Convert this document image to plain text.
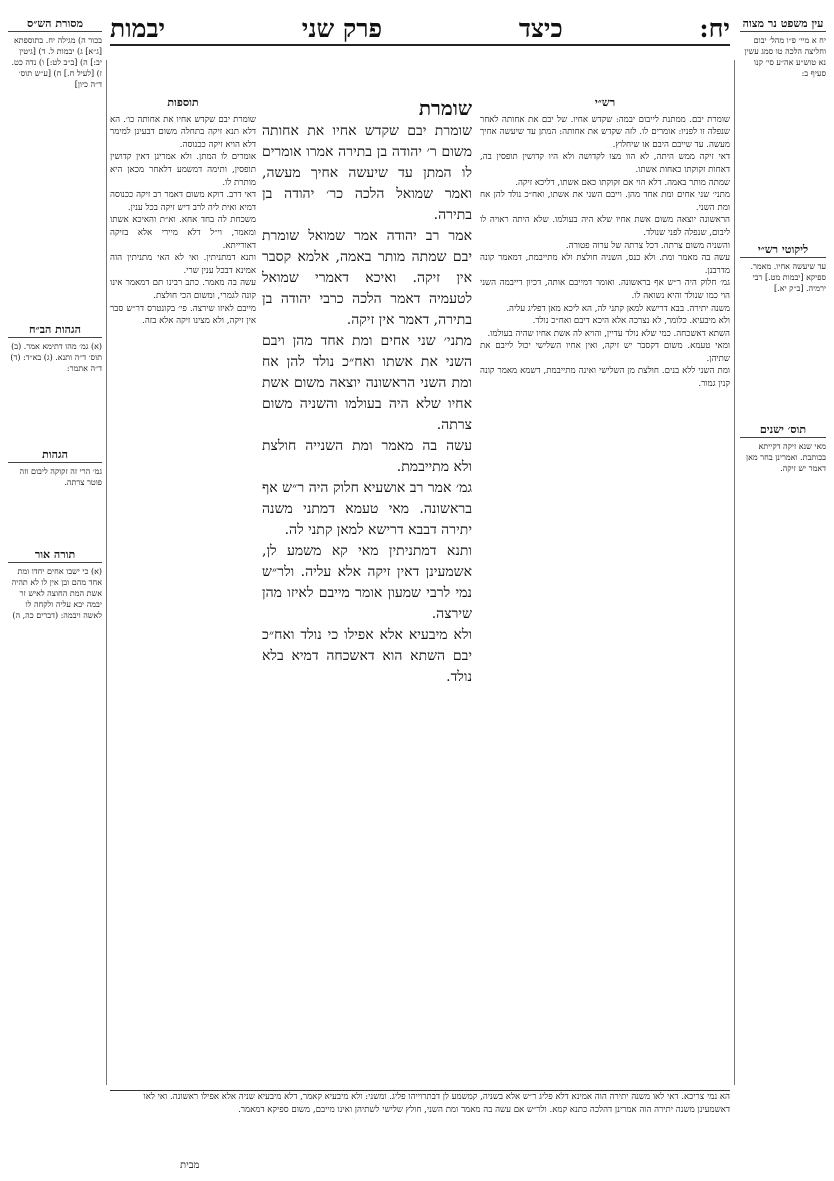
יח:
כיצד
פרק שני
יבמות	עין משפט נר מצוה
יח א מיי׳ פ״ו מהל׳ יבום וחליצה הלכה טו סמג עשין נא טוש״ע אה״ע סי׳ קנו סעיף ב:
ליקוטי רש״י
עד שיעשה אחיו. מאמר. ספיקא [יבמות מט.] רבי ירמיה. [ב״ק יא.]
תוס׳ ישנים
מאי שנא זיקה דקייתא בכותבת. ואמרינן בחר מאן דאמר יש זיקה.
מסורת הש״ס
בכור ה) מגילה יח. בתוספתא [ג״א] ג) יבמות ל. ד) [גיטין יב:] ה) [ב״ב לט:] ו) נדה כט. ז) [לעיל ח.] ח) [ע״ש תוס׳ ד״ה כיון]
הגהות הב״ח
(א) גמ׳ מהו דתימא אמר. (ב) תוס׳ ד״ה ותנא. (ג) בא״ד: (ד) ד״ה אתמר:
הגהות
גמ׳ הרי זה זקוקה ליבום וזה פוטר צרתה.
תורה אור
(א) כי ישבו אחים יחדו ומת אחד מהם ובן אין לו לא תהיה אשת המת החוצה לאיש זר יבמה יבא עליה ולקחה לו לאשה ויבמה: (דברים כה, ה)
רש״י
שומרת יבם. ממתנת לייבום יבמה: שקדש אחיו. של יבם את אחותה לאחר שנפלה זו לפניו: אומרים לו. לזה שקדש את אחותה: המתן עד שיעשה אחיך מעשה. עד שייבם היבם או שיחלוץ.
דאי זיקה ממש היתה, לא הוו מצו לקדושה ולא היו קדושין תופסין בה, דאחות זקוקתו כאחות אשתו.
שמתה מותר באמה. דלא הוי אם זקוקתו כאם אשתו, דליכא זיקה.
מתני׳ שני אחים ומת אחד מהן. וייבם השני את אשתו, ואח״כ נולד להן אח ומת השני.
הראשונה יוצאה משום אשת אחיו שלא היה בעולמו. שלא היתה ראויה לו ליבום, שנפלה לפני שנולד.
והשניה משום צרתה. דכל צרתה של ערוה פטורה.
עשה בה מאמר ומת. ולא כנס, השניה חולצת ולא מתייבמת, דמאמר קונה מדרבנן.
גמ׳ חלוק היה ר״ש אף בראשונה. ואומר דמייבם אותה, דכיון דייבמה השני הוי כמו שנולד והיא נשואה לו.
משנה יתירה. בבא דרישא למאן קתני לה, הא ליכא מאן דפליג עליה.
ולא מיבעיא. כלומר, לא נצרכה אלא היכא דיבם ואח״כ נולד.
השתא דאשכחה. כמי שלא נולד עדיין, והויא לה אשת אחיו שהיה בעולמו.
ומאי טעמא. משום דקסבר יש זיקה, ואין אחיו השלישי יכול לייבם את שתיהן.
ומת השני ללא בנים. חולצת מן השלישי ואינה מתייבמת, דשמא מאמר קונה קנין גמור.
שומרת
שומרת יבם שקדש אחיו את אחותה משום ר׳ יהודה בן בתירה אמרו אומרים לו המתן עד שיעשה אחיך מעשה, ואמר שמואל הלכה כר׳ יהודה בן בתירה.
אמר רב יהודה אמר שמואל שומרת יבם שמתה מותר באמה, אלמא קסבר אין זיקה. ואיכא דאמרי שמואל לטעמיה דאמר הלכה כרבי יהודה בן בתירה, דאמר אין זיקה.
מתני׳ שני אחים ומת אחד מהן ויבם השני את אשתו ואח״כ נולד להן אח ומת השני הראשונה יוצאה משום אשת אחיו שלא היה בעולמו והשניה משום צרתה.
עשה בה מאמר ומת השנייה חולצת ולא מתייבמת.
גמ׳ אמר רב אושעיא חלוק היה ר״ש אף בראשונה. מאי טעמא דמתני משנה יתירה דבבא דרישא למאן קתני לה.
ותנא דמתניתין מאי קא משמע לן, אשמעינן דאין זיקה אלא עליה. ולר״ש נמי לרבי שמעון אומר מייבם לאיזו מהן שירצה.
ולא מיבעיא אלא אפילו כי נולד ואח״כ יבם השתא הוא דאשכחה דמיא בלא נולד.
תוספות
שומרת יבם שקדש אחיו את אחותה כו׳. הא דלא תנא זיקה בתחלה משום דבעינן למימר דלא הויא זיקה ככנוסה.
אומרים לו המתן. ולא אמרינן דאין קדושין תופסין, ותימה דמשמע דלאחר מכאן היא מותרת לו.
דאי דרב. דוקא משום דאמר רב זיקה ככנוסה דמיא ואית ליה לרב דיש זיקה בכל ענין.
משכחת לה בחד אחא. וא״ת והאיכא אשתו ומאמר, וי״ל דלא מיירי אלא בזיקה דאורייתא.
ותנא דמתניתין. ואי לא האי מתניתין הוה אמינא דבכל ענין שרי.
עשה בה מאמר. כתב רבינו תם דמאמר אינו קונה לגמרי, ומשום הכי חולצת.
מייבם לאיזו שירצה. פי׳ בקונטרס דר״ש סבר אין זיקה, ולא מצינו זיקה אלא בזה.
הא נמי צריכא. דאי לאו משנה יתירה הוה אמינא דלא פליג ר״ש אלא בשניה, קמשמע לן דבתרוייהו פליג. ומשני: ולא מיבעיא קאמר, דלא מיבעיא שניה אלא אפילו ראשונה. ואי לאו דאשמעינן משנה יתירה הוה אמרינן דהלכה כתנא קמא. ולר״ש אם עשה בה מאמר ומת השני, חולץ שלישי לשתיהן ואינו מייבם, משום ספיקא דמאמר.
מבית
